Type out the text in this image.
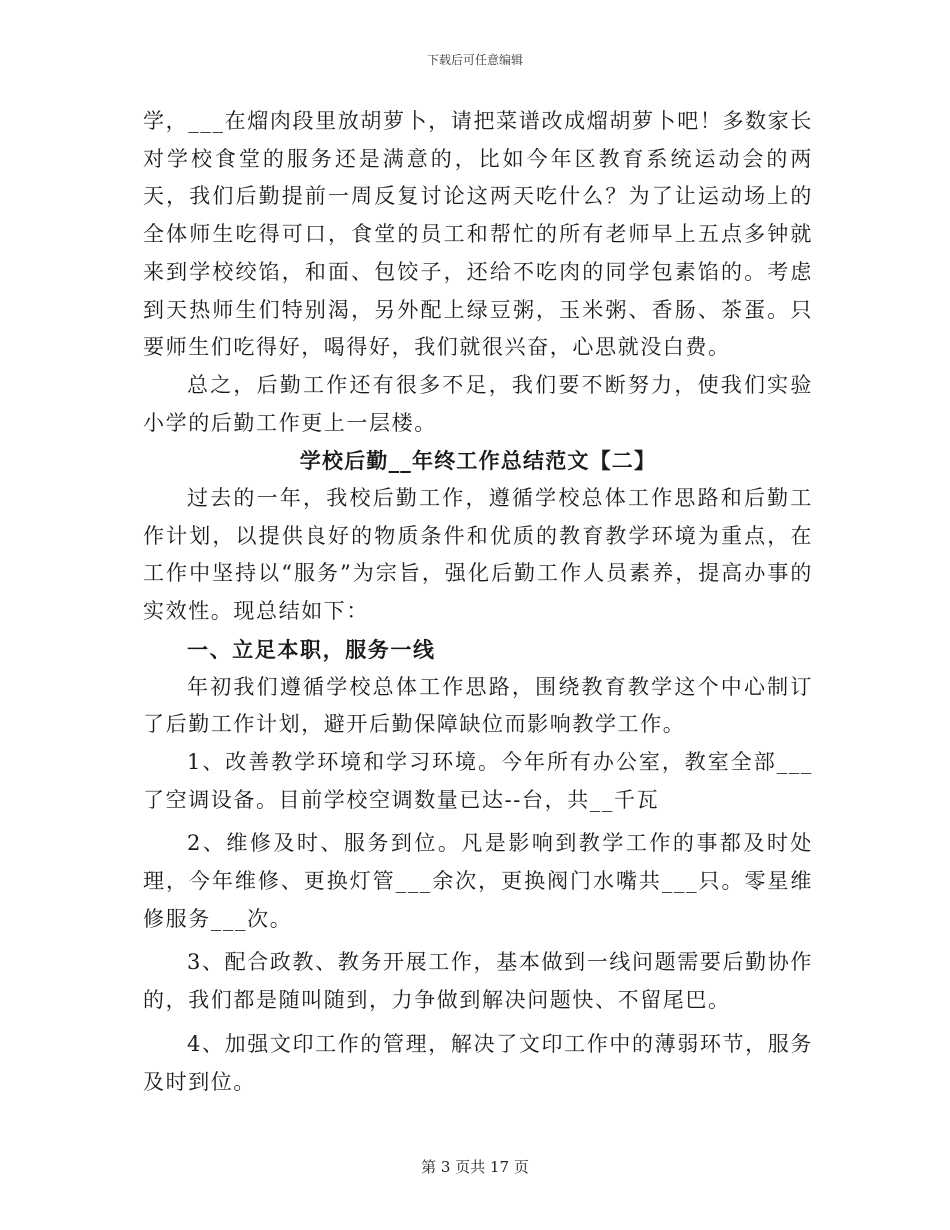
下载后可任意编辑

学，___在熘肉段里放胡萝卜，请把菜谱改成熘胡萝卜吧！多数家长对学校食堂的服务还是满意的，比如今年区教育系统运动会的两天，我们后勤提前一周反复讨论这两天吃什么？为了让运动场上的全体师生吃得可口，食堂的员工和帮忙的所有老师早上五点多钟就来到学校绞馅，和面、包饺子，还给不吃肉的同学包素馅的。考虑到天热师生们特别渴，另外配上绿豆粥，玉米粥、香肠、茶蛋。只要师生们吃得好，喝得好，我们就很兴奋，心思就没白费。

总之，后勤工作还有很多不足，我们要不断努力，使我们实验小学的后勤工作更上一层楼。

学校后勤__年终工作总结范文【二】

过去的一年，我校后勤工作，遵循学校总体工作思路和后勤工作计划，以提供良好的物质条件和优质的教育教学环境为重点，在工作中坚持以“服务”为宗旨，强化后勤工作人员素养，提高办事的实效性。现总结如下：

一、立足本职，服务一线

年初我们遵循学校总体工作思路，围绕教育教学这个中心制订了后勤工作计划，避开后勤保障缺位而影响教学工作。

1、改善教学环境和学习环境。今年所有办公室，教室全部___了空调设备。目前学校空调数量已达--台，共__千瓦

2、维修及时、服务到位。凡是影响到教学工作的事都及时处理，今年维修、更换灯管___余次，更换阀门水嘴共___只。零星维修服务___次。

3、配合政教、教务开展工作，基本做到一线问题需要后勤协作的，我们都是随叫随到，力争做到解决问题快、不留尾巴。

4、加强文印工作的管理，解决了文印工作中的薄弱环节，服务及时到位。

第 3 页共 17 页
